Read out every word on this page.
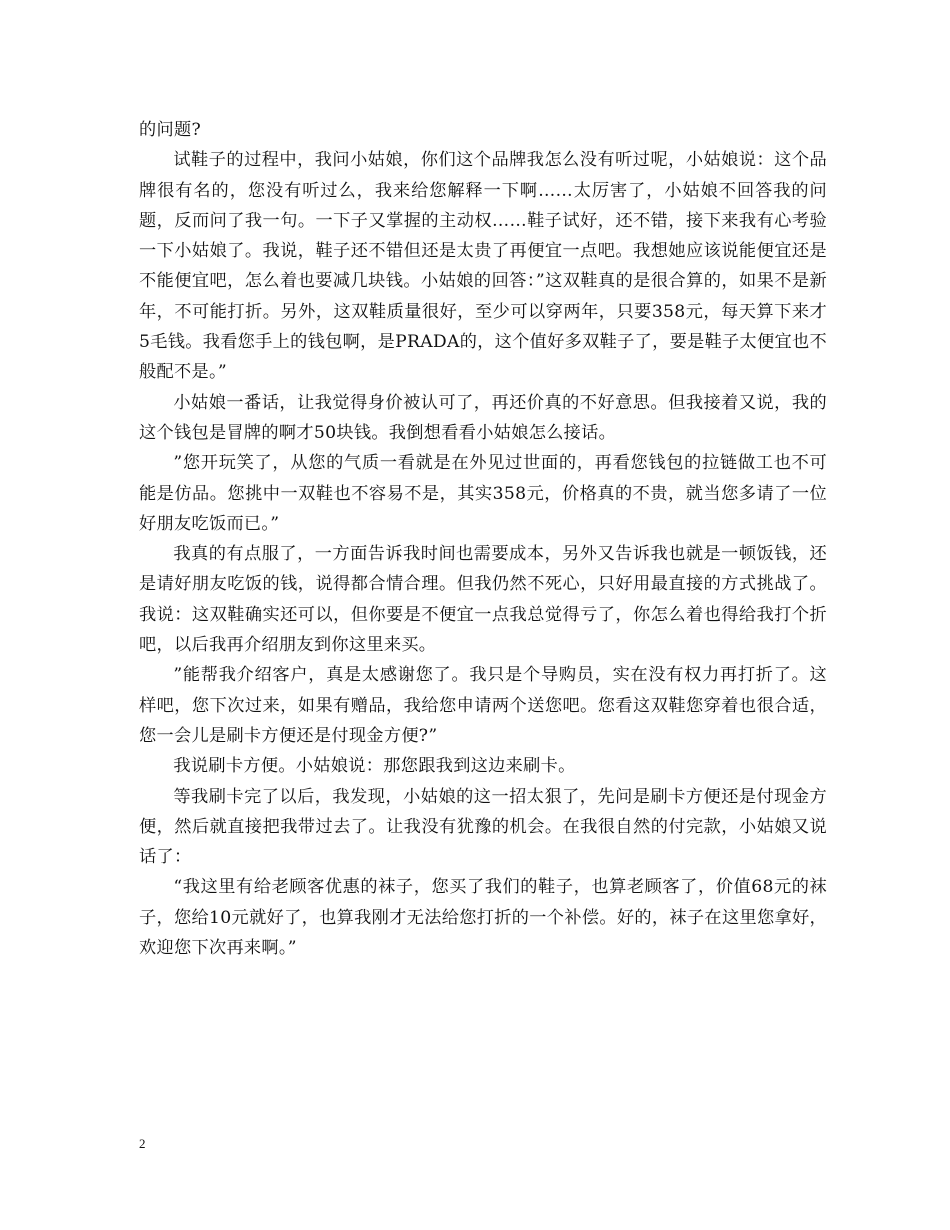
的问题?

试鞋子的过程中，我问小姑娘，你们这个品牌我怎么没有听过呢，小姑娘说：这个品牌很有名的，您没有听过么，我来给您解释一下啊……太厉害了，小姑娘不回答我的问题，反而问了我一句。一下子又掌握的主动权……鞋子试好，还不错，接下来我有心考验一下小姑娘了。我说，鞋子还不错但还是太贵了再便宜一点吧。我想她应该说能便宜还是不能便宜吧，怎么着也要减几块钱。小姑娘的回答：”这双鞋真的是很合算的，如果不是新年，不可能打折。另外，这双鞋质量很好，至少可以穿两年，只要358元，每天算下来才5毛钱。我看您手上的钱包啊，是PRADA的，这个值好多双鞋子了，要是鞋子太便宜也不般配不是。”

小姑娘一番话，让我觉得身价被认可了，再还价真的不好意思。但我接着又说，我的这个钱包是冒牌的啊才50块钱。我倒想看看小姑娘怎么接话。

”您开玩笑了，从您的气质一看就是在外见过世面的，再看您钱包的拉链做工也不可能是仿品。您挑中一双鞋也不容易不是，其实358元，价格真的不贵，就当您多请了一位好朋友吃饭而已。”

我真的有点服了，一方面告诉我时间也需要成本，另外又告诉我也就是一顿饭钱，还是请好朋友吃饭的钱，说得都合情合理。但我仍然不死心，只好用最直接的方式挑战了。我说：这双鞋确实还可以，但你要是不便宜一点我总觉得亏了，你怎么着也得给我打个折吧，以后我再介绍朋友到你这里来买。

”能帮我介绍客户，真是太感谢您了。我只是个导购员，实在没有权力再打折了。这样吧，您下次过来，如果有赠品，我给您申请两个送您吧。您看这双鞋您穿着也很合适，您一会儿是刷卡方便还是付现金方便?”

我说刷卡方便。小姑娘说：那您跟我到这边来刷卡。

等我刷卡完了以后，我发现，小姑娘的这一招太狠了，先问是刷卡方便还是付现金方便，然后就直接把我带过去了。让我没有犹豫的机会。在我很自然的付完款，小姑娘又说话了：

“我这里有给老顾客优惠的袜子，您买了我们的鞋子，也算老顾客了，价值68元的袜子，您给10元就好了，也算我刚才无法给您打折的一个补偿。好的，袜子在这里您拿好，欢迎您下次再来啊。”

2
